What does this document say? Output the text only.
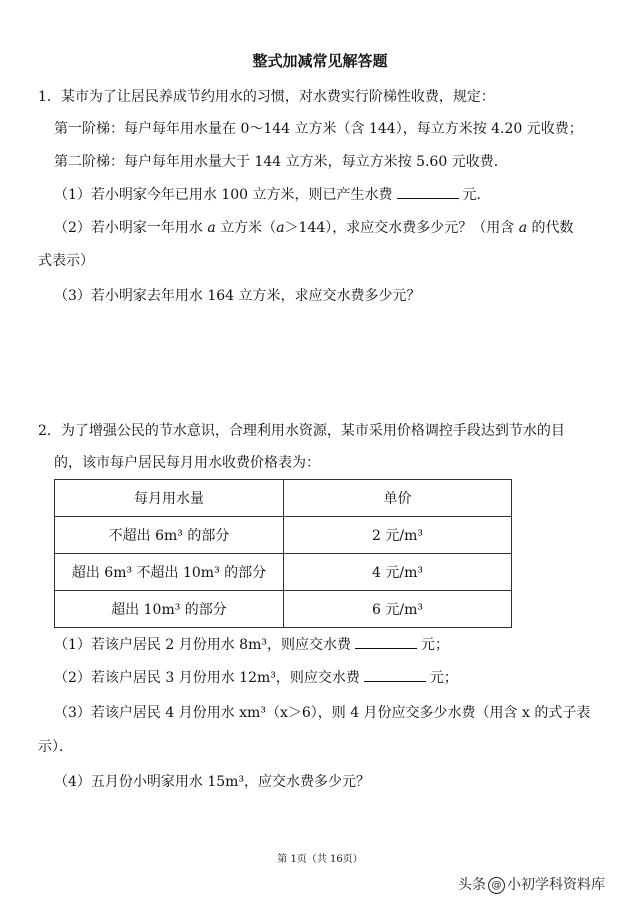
整式加减常见解答题
1．某市为了让居民养成节约用水的习惯，对水费实行阶梯性收费，规定：
第一阶梯：每户每年用水量在 0～144 立方米（含 144），每立方米按 4.20 元收费；
第二阶梯：每户每年用水量大于 144 立方米，每立方米按 5.60 元收费．
（1）若小明家今年已用水 100 立方米，则已产生水费	元．
（2）若小明家一年用水 a 立方米（a＞144），求应交水费多少元？（用含 a 的代数
式表示）
（3）若小明家去年用水 164 立方米，求应交水费多少元？
2．为了增强公民的节水意识，合理利用水资源，某市采用价格调控手段达到节水的目
的，该市每户居民每月用水收费价格表为：
每月用水量	单价
不超出 6m³ 的部分	2 元/m³
超出 6m³ 不超出 10m³ 的部分	4 元/m³
超出 10m³ 的部分	6 元/m³
（1）若该户居民 2 月份用水 8m³，则应交水费	元；
（2）若该户居民 3 月份用水 12m³，则应交水费	元；
（3）若该户居民 4 月份用水 xm³（x＞6），则 4 月份应交多少水费（用含 x 的式子表
示）．
（4）五月份小明家用水 15m³，应交水费多少元？
第 1页（共 16页）
头条 @ 小初学科资料库
